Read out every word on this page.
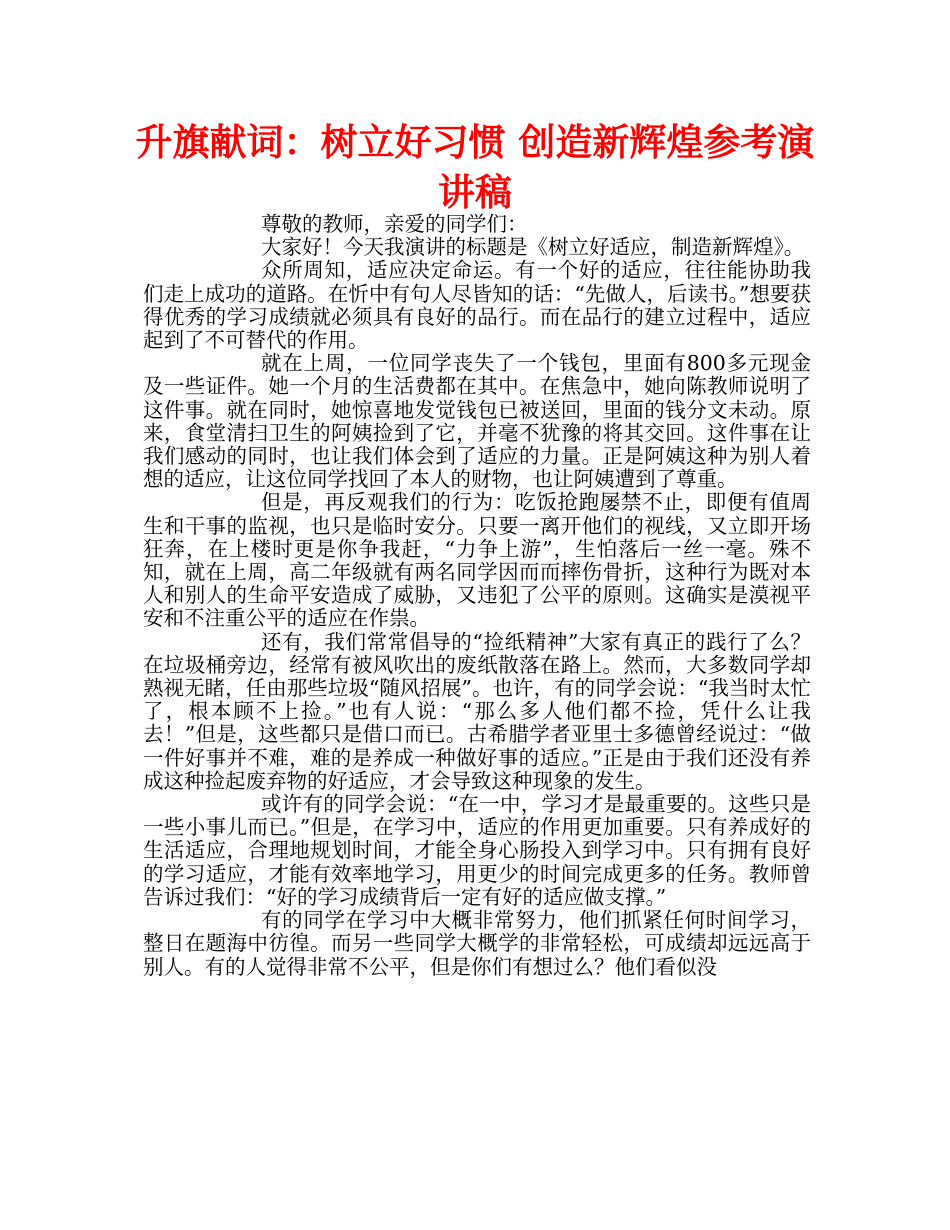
升旗献词：树立好习惯 创造新辉煌参考演讲稿

尊敬的教师，亲爱的同学们：

大家好！今天我演讲的标题是《树立好适应，制造新辉煌》。

众所周知，适应决定命运。有一个好的适应，往往能协助我们走上成功的道路。在忻中有句人尽皆知的话：“先做人，后读书。”想要获得优秀的学习成绩就必须具有良好的品行。而在品行的建立过程中，适应起到了不可替代的作用。

就在上周，一位同学丧失了一个钱包，里面有800多元现金及一些证件。她一个月的生活费都在其中。在焦急中，她向陈教师说明了这件事。就在同时，她惊喜地发觉钱包已被送回，里面的钱分文未动。原来，食堂清扫卫生的阿姨捡到了它，并毫不犹豫的将其交回。这件事在让我们感动的同时，也让我们体会到了适应的力量。正是阿姨这种为别人着想的适应，让这位同学找回了本人的财物，也让阿姨遭到了尊重。

但是，再反观我们的行为：吃饭抢跑屡禁不止，即便有值周生和干事的监视，也只是临时安分。只要一离开他们的视线，又立即开场狂奔，在上楼时更是你争我赶，“力争上游”，生怕落后一丝一毫。殊不知，就在上周，高二年级就有两名同学因而而摔伤骨折，这种行为既对本人和别人的生命平安造成了威胁，又违犯了公平的原则。这确实是漠视平安和不注重公平的适应在作祟。

还有，我们常常倡导的“捡纸精神”大家有真正的践行了么？在垃圾桶旁边，经常有被风吹出的废纸散落在路上。然而，大多数同学却熟视无睹，任由那些垃圾“随风招展”。也许，有的同学会说：“我当时太忙了，根本顾不上捡。”也有人说：“那么多人他们都不捡，凭什么让我去！”但是，这些都只是借口而已。古希腊学者亚里士多德曾经说过：“做一件好事并不难，难的是养成一种做好事的适应。”正是由于我们还没有养成这种捡起废弃物的好适应，才会导致这种现象的发生。

或许有的同学会说：“在一中，学习才是最重要的。这些只是一些小事儿而已。”但是，在学习中，适应的作用更加重要。只有养成好的生活适应，合理地规划时间，才能全身心肠投入到学习中。只有拥有良好的学习适应，才能有效率地学习，用更少的时间完成更多的任务。教师曾告诉过我们：“好的学习成绩背后一定有好的适应做支撑。”

有的同学在学习中大概非常努力，他们抓紧任何时间学习，整日在题海中彷徨。而另一些同学大概学的非常轻松，可成绩却远远高于别人。有的人觉得非常不公平，但是你们有想过么？他们看似没
